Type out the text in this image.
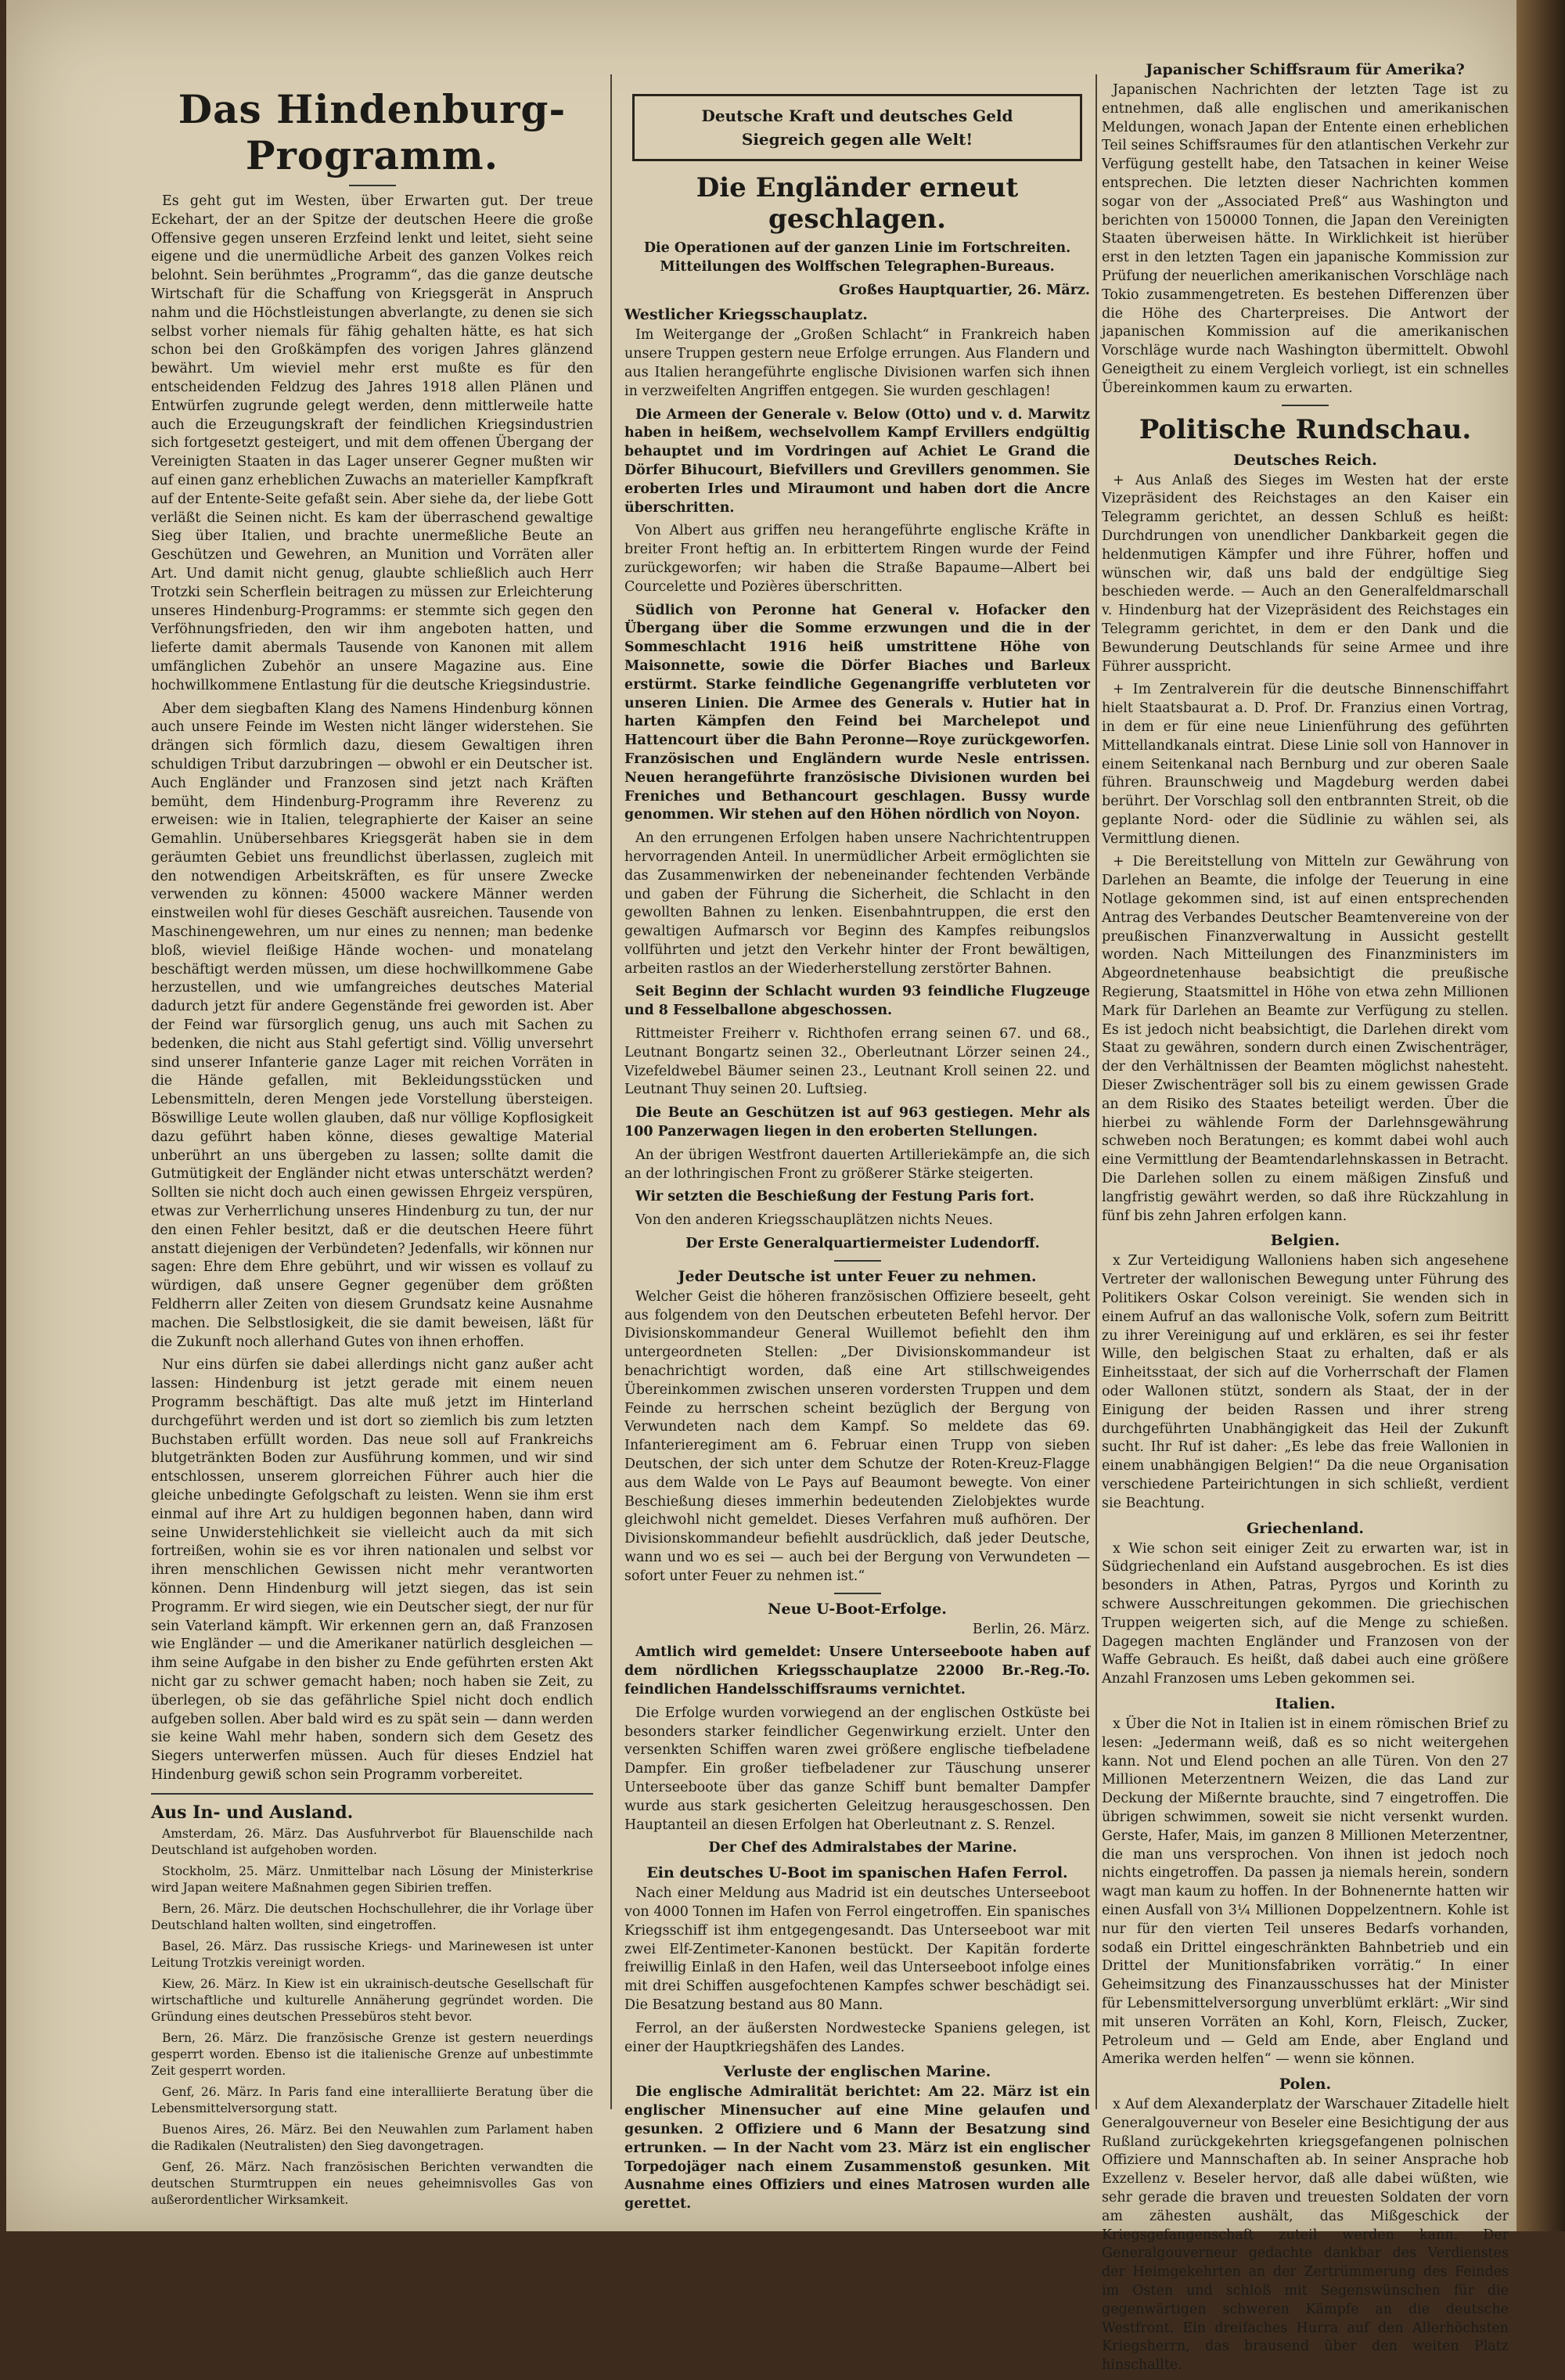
Das Hindenburg-Programm.

Es geht gut im Westen, über Erwarten gut. Der treue Eckehart, der an der Spitze der deutschen Heere die große Offensive gegen unseren Erzfeind lenkt und leitet, sieht seine eigene und die unermüdliche Arbeit des ganzen Volkes reich belohnt. Sein berühmtes „Programm“, das die ganze deutsche Wirtschaft für die Schaffung von Kriegsgerät in Anspruch nahm und die Höchstleistungen abverlangte, zu denen sie sich selbst vorher niemals für fähig gehalten hätte, es hat sich schon bei den Großkämpfen des vorigen Jahres glänzend bewährt. Um wieviel mehr erst mußte es für den entscheidenden Feldzug des Jahres 1918 allen Plänen und Entwürfen zugrunde gelegt werden, denn mittlerweile hatte auch die Erzeugungskraft der feindlichen Kriegsindustrien sich fortgesetzt gesteigert, und mit dem offenen Übergang der Vereinigten Staaten in das Lager unserer Gegner mußten wir auf einen ganz erheblichen Zuwachs an materieller Kampfkraft auf der Entente-Seite gefaßt sein. Aber siehe da, der liebe Gott verläßt die Seinen nicht. Es kam der überraschend gewaltige Sieg über Italien, und brachte unermeßliche Beute an Geschützen und Gewehren, an Munition und Vorräten aller Art. Und damit nicht genug, glaubte schließlich auch Herr Trotzki sein Scherflein beitragen zu müssen zur Erleichterung unseres Hindenburg-Programms: er stemmte sich gegen den Verföhnungsfrieden, den wir ihm angeboten hatten, und lieferte damit abermals Tausende von Kanonen mit allem umfänglichen Zubehör an unsere Magazine aus. Eine hochwillkommene Entlastung für die deutsche Kriegsindustrie.

Aber dem siegbaften Klang des Namens Hindenburg können auch unsere Feinde im Westen nicht länger widerstehen. Sie drängen sich förmlich dazu, diesem Gewaltigen ihren schuldigen Tribut darzubringen — obwohl er ein Deutscher ist. Auch Engländer und Franzosen sind jetzt nach Kräften bemüht, dem Hindenburg-Programm ihre Reverenz zu erweisen: wie in Italien, telegraphierte der Kaiser an seine Gemahlin. Unübersehbares Kriegsgerät haben sie in dem geräumten Gebiet uns freundlichst überlassen, zugleich mit den notwendigen Arbeitskräften, es für unsere Zwecke verwenden zu können: 45000 wackere Männer werden einstweilen wohl für dieses Geschäft ausreichen. Tausende von Maschinengewehren, um nur eines zu nennen; man bedenke bloß, wieviel fleißige Hände wochen- und monatelang beschäftigt werden müssen, um diese hochwillkommene Gabe herzustellen, und wie umfangreiches deutsches Material dadurch jetzt für andere Gegenstände frei geworden ist. Aber der Feind war fürsorglich genug, uns auch mit Sachen zu bedenken, die nicht aus Stahl gefertigt sind. Völlig unversehrt sind unserer Infanterie ganze Lager mit reichen Vorräten in die Hände gefallen, mit Bekleidungsstücken und Lebensmitteln, deren Mengen jede Vorstellung übersteigen. Böswillige Leute wollen glauben, daß nur völlige Kopflosigkeit dazu geführt haben könne, dieses gewaltige Material unberührt an uns übergeben zu lassen; sollte damit die Gutmütigkeit der Engländer nicht etwas unterschätzt werden? Sollten sie nicht doch auch einen gewissen Ehrgeiz verspüren, etwas zur Verherrlichung unseres Hindenburg zu tun, der nur den einen Fehler besitzt, daß er die deutschen Heere führt anstatt diejenigen der Verbündeten? Jedenfalls, wir können nur sagen: Ehre dem Ehre gebührt, und wir wissen es vollauf zu würdigen, daß unsere Gegner gegenüber dem größten Feldherrn aller Zeiten von diesem Grundsatz keine Ausnahme machen. Die Selbstlosigkeit, die sie damit beweisen, läßt für die Zukunft noch allerhand Gutes von ihnen erhoffen.

Nur eins dürfen sie dabei allerdings nicht ganz außer acht lassen: Hindenburg ist jetzt gerade mit einem neuen Programm beschäftigt. Das alte muß jetzt im Hinterland durchgeführt werden und ist dort so ziemlich bis zum letzten Buchstaben erfüllt worden. Das neue soll auf Frankreichs blutgetränkten Boden zur Ausführung kommen, und wir sind entschlossen, unserem glorreichen Führer auch hier die gleiche unbedingte Gefolgschaft zu leisten. Wenn sie ihm erst einmal auf ihre Art zu huldigen begonnen haben, dann wird seine Unwiderstehlichkeit sie vielleicht auch da mit sich fortreißen, wohin sie es vor ihren nationalen und selbst vor ihren menschlichen Gewissen nicht mehr verantworten können. Denn Hindenburg will jetzt siegen, das ist sein Programm. Er wird siegen, wie ein Deutscher siegt, der nur für sein Vaterland kämpft. Wir erkennen gern an, daß Franzosen wie Engländer — und die Amerikaner natürlich desgleichen — ihm seine Aufgabe in den bisher zu Ende geführten ersten Akt nicht gar zu schwer gemacht haben; noch haben sie Zeit, zu überlegen, ob sie das gefährliche Spiel nicht doch endlich aufgeben sollen. Aber bald wird es zu spät sein — dann werden sie keine Wahl mehr haben, sondern sich dem Gesetz des Siegers unterwerfen müssen. Auch für dieses Endziel hat Hindenburg gewiß schon sein Programm vorbereitet.

Aus In- und Ausland.

Amsterdam, 26. März. Das Ausfuhrverbot für Blauenschilde nach Deutschland ist aufgehoben worden.

Stockholm, 25. März. Unmittelbar nach Lösung der Ministerkrise wird Japan weitere Maßnahmen gegen Sibirien treffen.

Bern, 26. März. Die deutschen Hochschullehrer, die ihr Vorlage über Deutschland halten wollten, sind eingetroffen.

Basel, 26. März. Das russische Kriegs- und Marinewesen ist unter Leitung Trotzkis vereinigt worden.

Kiew, 26. März. In Kiew ist ein ukrainisch-deutsche Gesellschaft für wirtschaftliche und kulturelle Annäherung gegründet worden. Die Gründung eines deutschen Pressebüros steht bevor.

Bern, 26. März. Die französische Grenze ist gestern neuerdings gesperrt worden. Ebenso ist die italienische Grenze auf unbestimmte Zeit gesperrt worden.

Genf, 26. März. In Paris fand eine interalliierte Beratung über die Lebensmittelversorgung statt.

Buenos Aires, 26. März. Bei den Neuwahlen zum Parlament haben die Radikalen (Neutralisten) den Sieg davongetragen.

Genf, 26. März. Nach französischen Berichten verwandten die deutschen Sturmtruppen ein neues geheimnisvolles Gas von außerordentlicher Wirksamkeit.

Deutsche Kraft und deutsches Geld
Siegreich gegen alle Welt!
Die Engländer erneut geschlagen.

Die Operationen auf der ganzen Linie im Fortschreiten. Mitteilungen des Wolffschen Telegraphen-Bureaus.

Großes Hauptquartier, 26. März.

Westlicher Kriegsschauplatz.

Im Weitergange der „Großen Schlacht“ in Frankreich haben unsere Truppen gestern neue Erfolge errungen. Aus Flandern und aus Italien herangeführte englische Divisionen warfen sich ihnen in verzweifelten Angriffen entgegen. Sie wurden geschlagen!

Die Armeen der Generale v. Below (Otto) und v. d. Marwitz haben in heißem, wechselvollem Kampf Ervillers endgültig behauptet und im Vordringen auf Achiet Le Grand die Dörfer Bihucourt, Biefvillers und Grevillers genommen. Sie eroberten Irles und Miraumont und haben dort die Ancre überschritten.

Von Albert aus griffen neu herangeführte englische Kräfte in breiter Front heftig an. In erbittertem Ringen wurde der Feind zurückgeworfen; wir haben die Straße Bapaume—Albert bei Courcelette und Pozières überschritten.

Südlich von Peronne hat General v. Hofacker den Übergang über die Somme erzwungen und die in der Sommeschlacht 1916 heiß umstrittene Höhe von Maisonnette, sowie die Dörfer Biaches und Barleux erstürmt. Starke feindliche Gegenangriffe verbluteten vor unseren Linien. Die Armee des Generals v. Hutier hat in harten Kämpfen den Feind bei Marchelepot und Hattencourt über die Bahn Peronne—Roye zurückgeworfen. Französischen und Engländern wurde Nesle entrissen. Neuen herangeführte französische Divisionen wurden bei Freniches und Bethancourt geschlagen. Bussy wurde genommen. Wir stehen auf den Höhen nördlich von Noyon.

An den errungenen Erfolgen haben unsere Nachrichtentruppen hervorragenden Anteil. In unermüdlicher Arbeit ermöglichten sie das Zusammenwirken der nebeneinander fechtenden Verbände und gaben der Führung die Sicherheit, die Schlacht in den gewollten Bahnen zu lenken. Eisenbahntruppen, die erst den gewaltigen Aufmarsch vor Beginn des Kampfes reibungslos vollführten und jetzt den Verkehr hinter der Front bewältigen, arbeiten rastlos an der Wiederherstellung zerstörter Bahnen.

Seit Beginn der Schlacht wurden 93 feindliche Flugzeuge und 8 Fesselballone abgeschossen.

Rittmeister Freiherr v. Richthofen errang seinen 67. und 68., Leutnant Bongartz seinen 32., Oberleutnant Lörzer seinen 24., Vizefeldwebel Bäumer seinen 23., Leutnant Kroll seinen 22. und Leutnant Thuy seinen 20. Luftsieg.

Die Beute an Geschützen ist auf 963 gestiegen. Mehr als 100 Panzerwagen liegen in den eroberten Stellungen.

An der übrigen Westfront dauerten Artilleriekämpfe an, die sich an der lothringischen Front zu größerer Stärke steigerten.

Wir setzten die Beschießung der Festung Paris fort.

Von den anderen Kriegsschauplätzen nichts Neues.

Der Erste Generalquartiermeister Ludendorff.

Jeder Deutsche ist unter Feuer zu nehmen.

Welcher Geist die höheren französischen Offiziere beseelt, geht aus folgendem von den Deutschen erbeuteten Befehl hervor. Der Divisionskommandeur General Wuillemot befiehlt den ihm untergeordneten Stellen: „Der Divisionskommandeur ist benachrichtigt worden, daß eine Art stillschweigendes Übereinkommen zwischen unseren vordersten Truppen und dem Feinde zu herrschen scheint bezüglich der Bergung von Verwundeten nach dem Kampf. So meldete das 69. Infanterieregiment am 6. Februar einen Trupp von sieben Deutschen, der sich unter dem Schutze der Roten-Kreuz-Flagge aus dem Walde von Le Pays auf Beaumont bewegte. Von einer Beschießung dieses immerhin bedeutenden Zielobjektes wurde gleichwohl nicht gemeldet. Dieses Verfahren muß aufhören. Der Divisionskommandeur befiehlt ausdrücklich, daß jeder Deutsche, wann und wo es sei — auch bei der Bergung von Verwundeten — sofort unter Feuer zu nehmen ist.“

Neue U-Boot-Erfolge.

Berlin, 26. März.

Amtlich wird gemeldet: Unsere Unterseeboote haben auf dem nördlichen Kriegsschauplatze 22000 Br.-Reg.-To. feindlichen Handelsschiffsraums vernichtet.

Die Erfolge wurden vorwiegend an der englischen Ostküste bei besonders starker feindlicher Gegenwirkung erzielt. Unter den versenkten Schiffen waren zwei größere englische tiefbeladene Dampfer. Ein großer tiefbeladener zur Täuschung unserer Unterseeboote über das ganze Schiff bunt bemalter Dampfer wurde aus stark gesicherten Geleitzug herausgeschossen. Den Hauptanteil an diesen Erfolgen hat Oberleutnant z. S. Renzel.

Der Chef des Admiralstabes der Marine.

Ein deutsches U-Boot im spanischen Hafen Ferrol.

Nach einer Meldung aus Madrid ist ein deutsches Unterseeboot von 4000 Tonnen im Hafen von Ferrol eingetroffen. Ein spanisches Kriegsschiff ist ihm entgegengesandt. Das Unterseeboot war mit zwei Elf-Zentimeter-Kanonen bestückt. Der Kapitän forderte freiwillig Einlaß in den Hafen, weil das Unterseeboot infolge eines mit drei Schiffen ausgefochtenen Kampfes schwer beschädigt sei. Die Besatzung bestand aus 80 Mann.

Ferrol, an der äußersten Nordwestecke Spaniens gelegen, ist einer der Hauptkriegshäfen des Landes.

Verluste der englischen Marine.

Die englische Admiralität berichtet: Am 22. März ist ein englischer Minensucher auf eine Mine gelaufen und gesunken. 2 Offiziere und 6 Mann der Besatzung sind ertrunken. — In der Nacht vom 23. März ist ein englischer Torpedojäger nach einem Zusammenstoß gesunken. Mit Ausnahme eines Offiziers und eines Matrosen wurden alle gerettet.

Japanischer Schiffsraum für Amerika?

Japanischen Nachrichten der letzten Tage ist zu entnehmen, daß alle englischen und amerikanischen Meldungen, wonach Japan der Entente einen erheblichen Teil seines Schiffsraumes für den atlantischen Verkehr zur Verfügung gestellt habe, den Tatsachen in keiner Weise entsprechen. Die letzten dieser Nachrichten kommen sogar von der „Associated Preß“ aus Washington und berichten von 150000 Tonnen, die Japan den Vereinigten Staaten überweisen hätte. In Wirklichkeit ist hierüber erst in den letzten Tagen ein japanische Kommission zur Prüfung der neuerlichen amerikanischen Vorschläge nach Tokio zusammengetreten. Es bestehen Differenzen über die Höhe des Charterpreises. Die Antwort der japanischen Kommission auf die amerikanischen Vorschläge wurde nach Washington übermittelt. Obwohl Geneigtheit zu einem Vergleich vorliegt, ist ein schnelles Übereinkommen kaum zu erwarten.

Politische Rundschau.
Deutsches Reich.

+ Aus Anlaß des Sieges im Westen hat der erste Vizepräsident des Reichstages an den Kaiser ein Telegramm gerichtet, an dessen Schluß es heißt: Durchdrungen von unendlicher Dankbarkeit gegen die heldenmutigen Kämpfer und ihre Führer, hoffen und wünschen wir, daß uns bald der endgültige Sieg beschieden werde. — Auch an den Generalfeldmarschall v. Hindenburg hat der Vizepräsident des Reichstages ein Telegramm gerichtet, in dem er den Dank und die Bewunderung Deutschlands für seine Armee und ihre Führer ausspricht.

+ Im Zentralverein für die deutsche Binnenschiffahrt hielt Staatsbaurat a. D. Prof. Dr. Franzius einen Vortrag, in dem er für eine neue Linienführung des geführten Mittellandkanals eintrat. Diese Linie soll von Hannover in einem Seitenkanal nach Bernburg und zur oberen Saale führen. Braunschweig und Magdeburg werden dabei berührt. Der Vorschlag soll den entbrannten Streit, ob die geplante Nord- oder die Südlinie zu wählen sei, als Vermittlung dienen.

+ Die Bereitstellung von Mitteln zur Gewährung von Darlehen an Beamte, die infolge der Teuerung in eine Notlage gekommen sind, ist auf einen entsprechenden Antrag des Verbandes Deutscher Beamtenvereine von der preußischen Finanzverwaltung in Aussicht gestellt worden. Nach Mitteilungen des Finanzministers im Abgeordnetenhause beabsichtigt die preußische Regierung, Staatsmittel in Höhe von etwa zehn Millionen Mark für Darlehen an Beamte zur Verfügung zu stellen. Es ist jedoch nicht beabsichtigt, die Darlehen direkt vom Staat zu gewähren, sondern durch einen Zwischenträger, der den Verhältnissen der Beamten möglichst nahesteht. Dieser Zwischenträger soll bis zu einem gewissen Grade an dem Risiko des Staates beteiligt werden. Über die hierbei zu wählende Form der Darlehnsgewährung schweben noch Beratungen; es kommt dabei wohl auch eine Vermittlung der Beamtendarlehnskassen in Betracht. Die Darlehen sollen zu einem mäßigen Zinsfuß und langfristig gewährt werden, so daß ihre Rückzahlung in fünf bis zehn Jahren erfolgen kann.

Belgien.

x Zur Verteidigung Walloniens haben sich angesehene Vertreter der wallonischen Bewegung unter Führung des Politikers Oskar Colson vereinigt. Sie wenden sich in einem Aufruf an das wallonische Volk, sofern zum Beitritt zu ihrer Vereinigung auf und erklären, es sei ihr fester Wille, den belgischen Staat zu erhalten, daß er als Einheitsstaat, der sich auf die Vorherrschaft der Flamen oder Wallonen stützt, sondern als Staat, der in der Einigung der beiden Rassen und ihrer streng durchgeführten Unabhängigkeit das Heil der Zukunft sucht. Ihr Ruf ist daher: „Es lebe das freie Wallonien in einem unabhängigen Belgien!“ Da die neue Organisation verschiedene Parteirichtungen in sich schließt, verdient sie Beachtung.

Griechenland.

x Wie schon seit einiger Zeit zu erwarten war, ist in Südgriechenland ein Aufstand ausgebrochen. Es ist dies besonders in Athen, Patras, Pyrgos und Korinth zu schwere Ausschreitungen gekommen. Die griechischen Truppen weigerten sich, auf die Menge zu schießen. Dagegen machten Engländer und Franzosen von der Waffe Gebrauch. Es heißt, daß dabei auch eine größere Anzahl Franzosen ums Leben gekommen sei.

Italien.

x Über die Not in Italien ist in einem römischen Brief zu lesen: „Jedermann weiß, daß es so nicht weitergehen kann. Not und Elend pochen an alle Türen. Von den 27 Millionen Meterzentnern Weizen, die das Land zur Deckung der Mißernte brauchte, sind 7 eingetroffen. Die übrigen schwimmen, soweit sie nicht versenkt wurden. Gerste, Hafer, Mais, im ganzen 8 Millionen Meterzentner, die man uns versprochen. Von ihnen ist jedoch noch nichts eingetroffen. Da passen ja niemals herein, sondern wagt man kaum zu hoffen. In der Bohnenernte hatten wir einen Ausfall von 3¼ Millionen Doppelzentnern. Kohle ist nur für den vierten Teil unseres Bedarfs vorhanden, sodaß ein Drittel eingeschränkten Bahnbetrieb und ein Drittel der Munitionsfabriken vorrätig.“ In einer Geheimsitzung des Finanzausschusses hat der Minister für Lebensmittelversorgung unverblümt erklärt: „Wir sind mit unseren Vorräten an Kohl, Korn, Fleisch, Zucker, Petroleum und — Geld am Ende, aber England und Amerika werden helfen“ — wenn sie können.

Polen.

x Auf dem Alexanderplatz der Warschauer Zitadelle hielt Generalgouverneur von Beseler eine Besichtigung der aus Rußland zurückgekehrten kriegsgefangenen polnischen Offiziere und Mannschaften ab. In seiner Ansprache hob Exzellenz v. Beseler hervor, daß alle dabei wüßten, wie sehr gerade die braven und treuesten Soldaten der vorn am zähesten aushält, das Mißgeschick der Kriegsgefangenschaft zuteil werden kann. Der Generalgouverneur gedachte dankbar des Verdienstes der Heimgekehrten an der Zertrümmerung des Feindes im Osten und schloß mit Segenswünschen für die gegenwärtigen schweren Kämpfe an die deutsche Westfront. Ein dreifaches Hurra auf den Allerhöchsten Kriegsherrn, das brausend über den weiten Platz hinschallte.
